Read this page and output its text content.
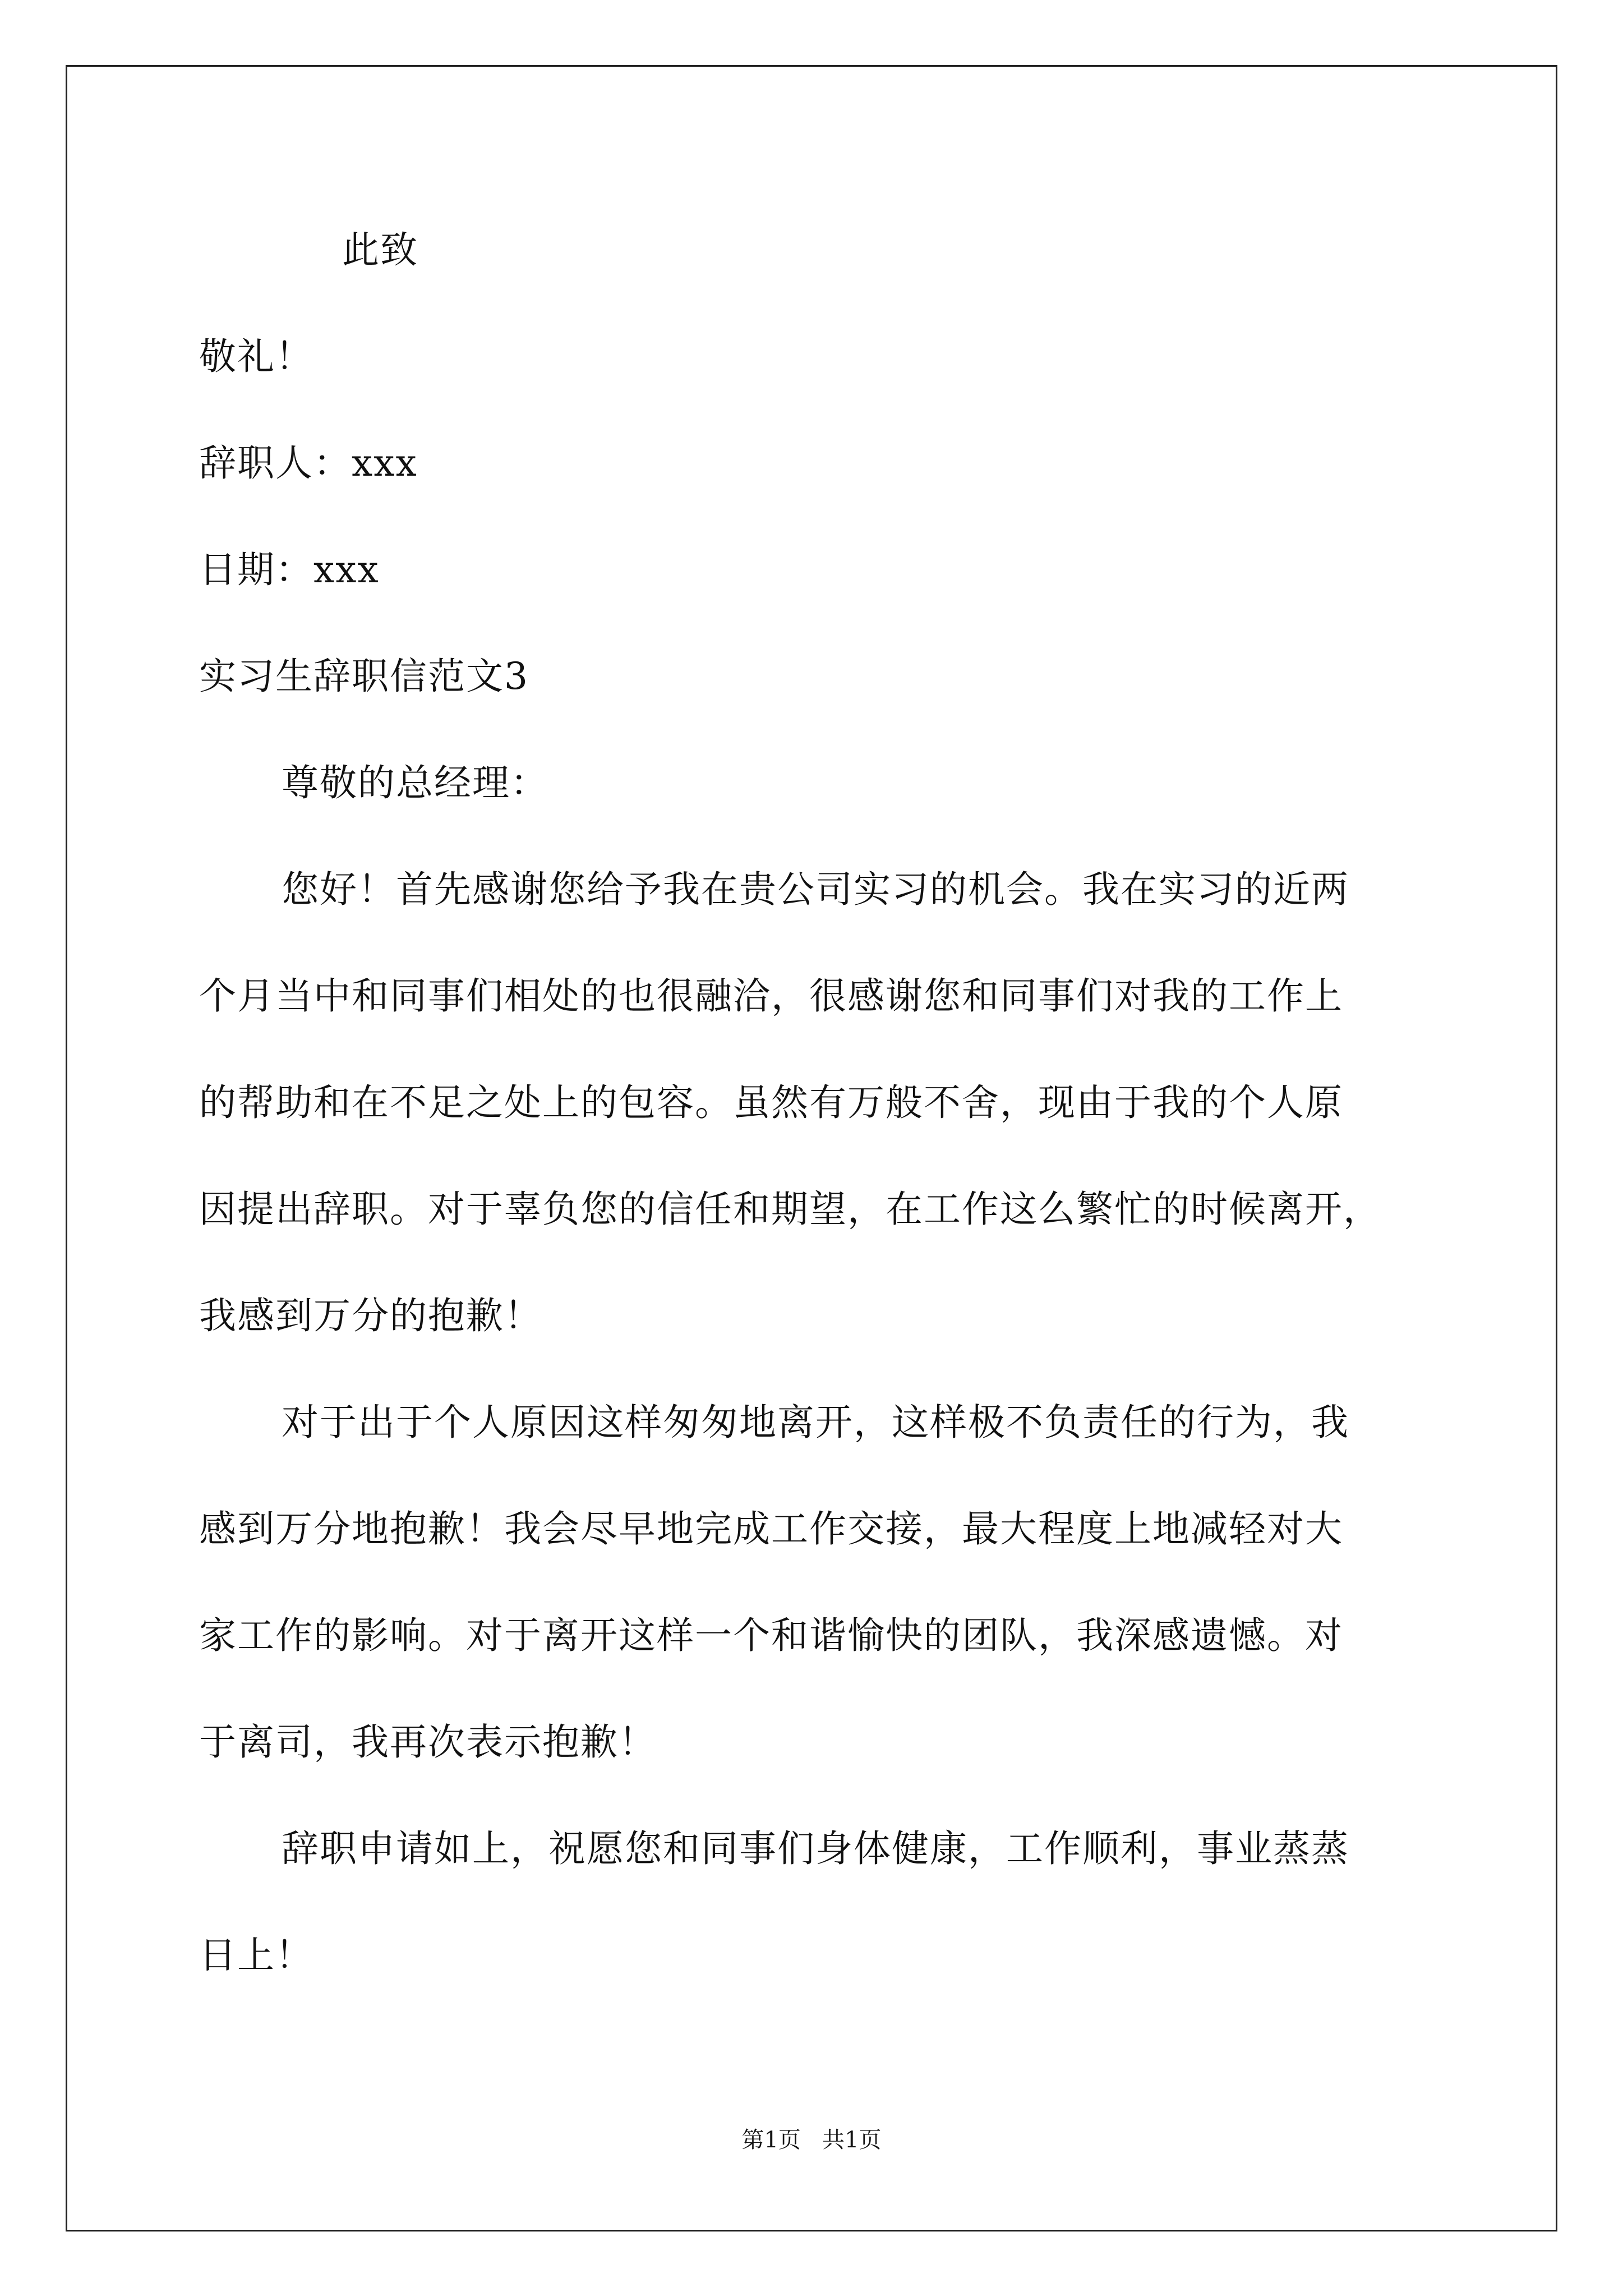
此致
敬礼！
辞职人：xxx
日期：xxx
实习生辞职信范文3
尊敬的总经理：
您好！首先感谢您给予我在贵公司实习的机会。我在实习的近两
个月当中和同事们相处的也很融洽，很感谢您和同事们对我的工作上
的帮助和在不足之处上的包容。虽然有万般不舍，现由于我的个人原
因提出辞职。对于辜负您的信任和期望，在工作这么繁忙的时候离开，
我感到万分的抱歉！
对于出于个人原因这样匆匆地离开，这样极不负责任的行为，我
感到万分地抱歉！我会尽早地完成工作交接，最大程度上地减轻对大
家工作的影响。对于离开这样一个和谐愉快的团队，我深感遗憾。对
于离司，我再次表示抱歉！
辞职申请如上，祝愿您和同事们身体健康，工作顺利，事业蒸蒸
日上！
第1页   共1页
